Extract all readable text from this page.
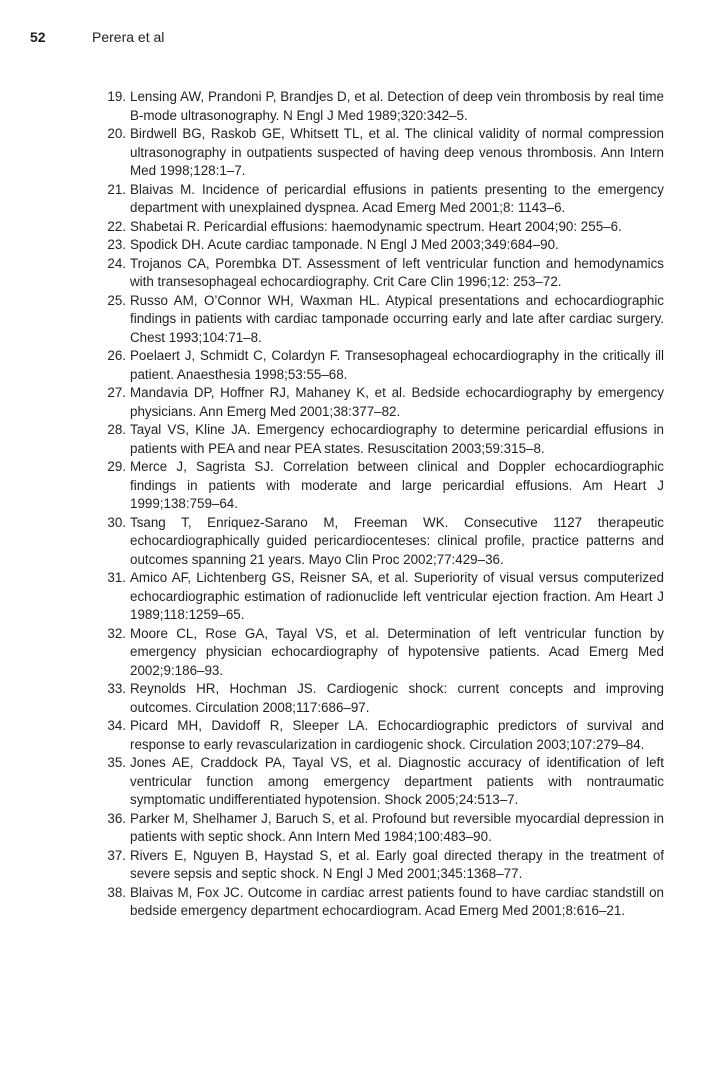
52	Perera et al
19. Lensing AW, Prandoni P, Brandjes D, et al. Detection of deep vein thrombosis by real time B-mode ultrasonography. N Engl J Med 1989;320:342–5.
20. Birdwell BG, Raskob GE, Whitsett TL, et al. The clinical validity of normal compression ultrasonography in outpatients suspected of having deep venous thrombosis. Ann Intern Med 1998;128:1–7.
21. Blaivas M. Incidence of pericardial effusions in patients presenting to the emergency department with unexplained dyspnea. Acad Emerg Med 2001;8: 1143–6.
22. Shabetai R. Pericardial effusions: haemodynamic spectrum. Heart 2004;90: 255–6.
23. Spodick DH. Acute cardiac tamponade. N Engl J Med 2003;349:684–90.
24. Trojanos CA, Porembka DT. Assessment of left ventricular function and hemodynamics with transesophageal echocardiography. Crit Care Clin 1996;12: 253–72.
25. Russo AM, O’Connor WH, Waxman HL. Atypical presentations and echocardiographic findings in patients with cardiac tamponade occurring early and late after cardiac surgery. Chest 1993;104:71–8.
26. Poelaert J, Schmidt C, Colardyn F. Transesophageal echocardiography in the critically ill patient. Anaesthesia 1998;53:55–68.
27. Mandavia DP, Hoffner RJ, Mahaney K, et al. Bedside echocardiography by emergency physicians. Ann Emerg Med 2001;38:377–82.
28. Tayal VS, Kline JA. Emergency echocardiography to determine pericardial effusions in patients with PEA and near PEA states. Resuscitation 2003;59:315–8.
29. Merce J, Sagrista SJ. Correlation between clinical and Doppler echocardiographic findings in patients with moderate and large pericardial effusions. Am Heart J 1999;138:759–64.
30. Tsang T, Enriquez-Sarano M, Freeman WK. Consecutive 1127 therapeutic echocardiographically guided pericardiocenteses: clinical profile, practice patterns and outcomes spanning 21 years. Mayo Clin Proc 2002;77:429–36.
31. Amico AF, Lichtenberg GS, Reisner SA, et al. Superiority of visual versus computerized echocardiographic estimation of radionuclide left ventricular ejection fraction. Am Heart J 1989;118:1259–65.
32. Moore CL, Rose GA, Tayal VS, et al. Determination of left ventricular function by emergency physician echocardiography of hypotensive patients. Acad Emerg Med 2002;9:186–93.
33. Reynolds HR, Hochman JS. Cardiogenic shock: current concepts and improving outcomes. Circulation 2008;117:686–97.
34. Picard MH, Davidoff R, Sleeper LA. Echocardiographic predictors of survival and response to early revascularization in cardiogenic shock. Circulation 2003;107:279–84.
35. Jones AE, Craddock PA, Tayal VS, et al. Diagnostic accuracy of identification of left ventricular function among emergency department patients with nontraumatic symptomatic undifferentiated hypotension. Shock 2005;24:513–7.
36. Parker M, Shelhamer J, Baruch S, et al. Profound but reversible myocardial depression in patients with septic shock. Ann Intern Med 1984;100:483–90.
37. Rivers E, Nguyen B, Haystad S, et al. Early goal directed therapy in the treatment of severe sepsis and septic shock. N Engl J Med 2001;345:1368–77.
38. Blaivas M, Fox JC. Outcome in cardiac arrest patients found to have cardiac standstill on bedside emergency department echocardiogram. Acad Emerg Med 2001;8:616–21.
